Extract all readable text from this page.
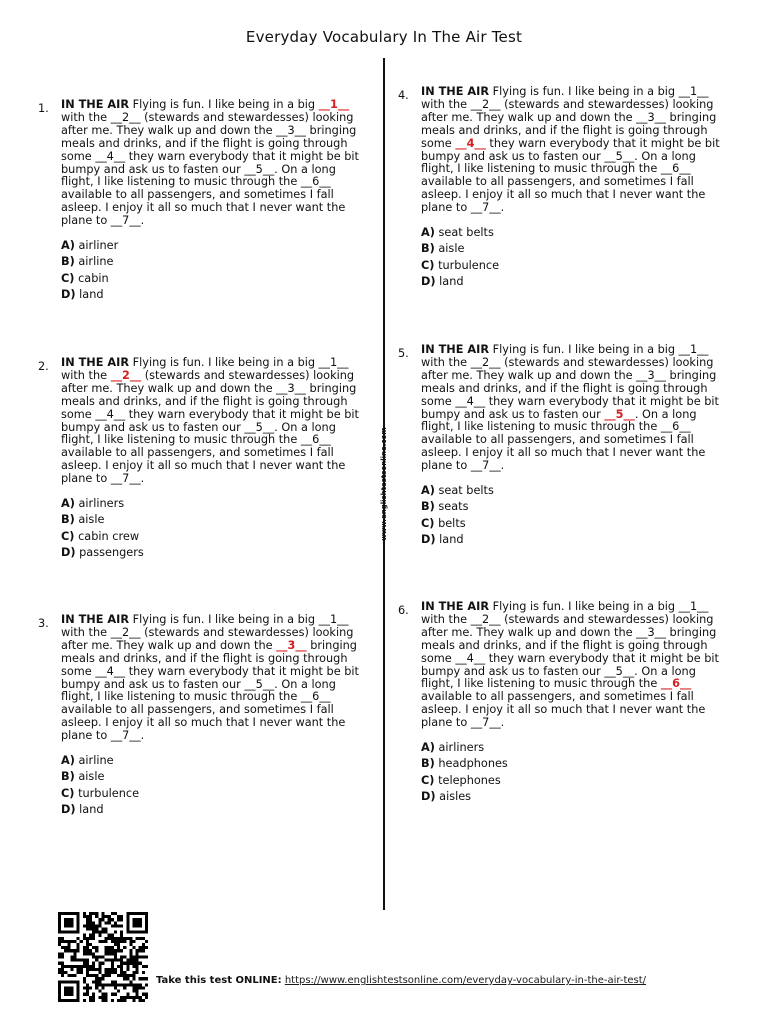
Everyday Vocabulary In The Air Test
www.englishtestsonline.com
1. IN THE AIR Flying is fun. I like being in a big __1__ with the __2__ (stewards and stewardesses) looking after me. They walk up and down the __3__ bringing meals and drinks, and if the flight is going through some __4__ they warn everybody that it might be bit bumpy and ask us to fasten our __5__. On a long flight, I like listening to music through the __6__ available to all passengers, and sometimes I fall asleep. I enjoy it all so much that I never want the plane to __7__.

A) airliner
B) airline
C) cabin
D) land
2. IN THE AIR Flying is fun. I like being in a big __1__ with the __2__ (stewards and stewardesses) looking after me. They walk up and down the __3__ bringing meals and drinks, and if the flight is going through some __4__ they warn everybody that it might be bit bumpy and ask us to fasten our __5__. On a long flight, I like listening to music through the __6__ available to all passengers, and sometimes I fall asleep. I enjoy it all so much that I never want the plane to __7__.

A) airliners
B) aisle
C) cabin crew
D) passengers
3. IN THE AIR Flying is fun. I like being in a big __1__ with the __2__ (stewards and stewardesses) looking after me. They walk up and down the __3__ bringing meals and drinks, and if the flight is going through some __4__ they warn everybody that it might be bit bumpy and ask us to fasten our __5__. On a long flight, I like listening to music through the __6__ available to all passengers, and sometimes I fall asleep. I enjoy it all so much that I never want the plane to __7__.

A) airline
B) aisle
C) turbulence
D) land
4. IN THE AIR Flying is fun. I like being in a big __1__ with the __2__ (stewards and stewardesses) looking after me. They walk up and down the __3__ bringing meals and drinks, and if the flight is going through some __4__ they warn everybody that it might be bit bumpy and ask us to fasten our __5__. On a long flight, I like listening to music through the __6__ available to all passengers, and sometimes I fall asleep. I enjoy it all so much that I never want the plane to __7__.

A) seat belts
B) aisle
C) turbulence
D) land
5. IN THE AIR Flying is fun. I like being in a big __1__ with the __2__ (stewards and stewardesses) looking after me. They walk up and down the __3__ bringing meals and drinks, and if the flight is going through some __4__ they warn everybody that it might be bit bumpy and ask us to fasten our __5__. On a long flight, I like listening to music through the __6__ available to all passengers, and sometimes I fall asleep. I enjoy it all so much that I never want the plane to __7__.

A) seat belts
B) seats
C) belts
D) land
6. IN THE AIR Flying is fun. I like being in a big __1__ with the __2__ (stewards and stewardesses) looking after me. They walk up and down the __3__ bringing meals and drinks, and if the flight is going through some __4__ they warn everybody that it might be bit bumpy and ask us to fasten our __5__. On a long flight, I like listening to music through the __6__ available to all passengers, and sometimes I fall asleep. I enjoy it all so much that I never want the plane to __7__.

A) airliners
B) headphones
C) telephones
D) aisles
Take this test ONLINE: https://www.englishtestsonline.com/everyday-vocabulary-in-the-air-test/
